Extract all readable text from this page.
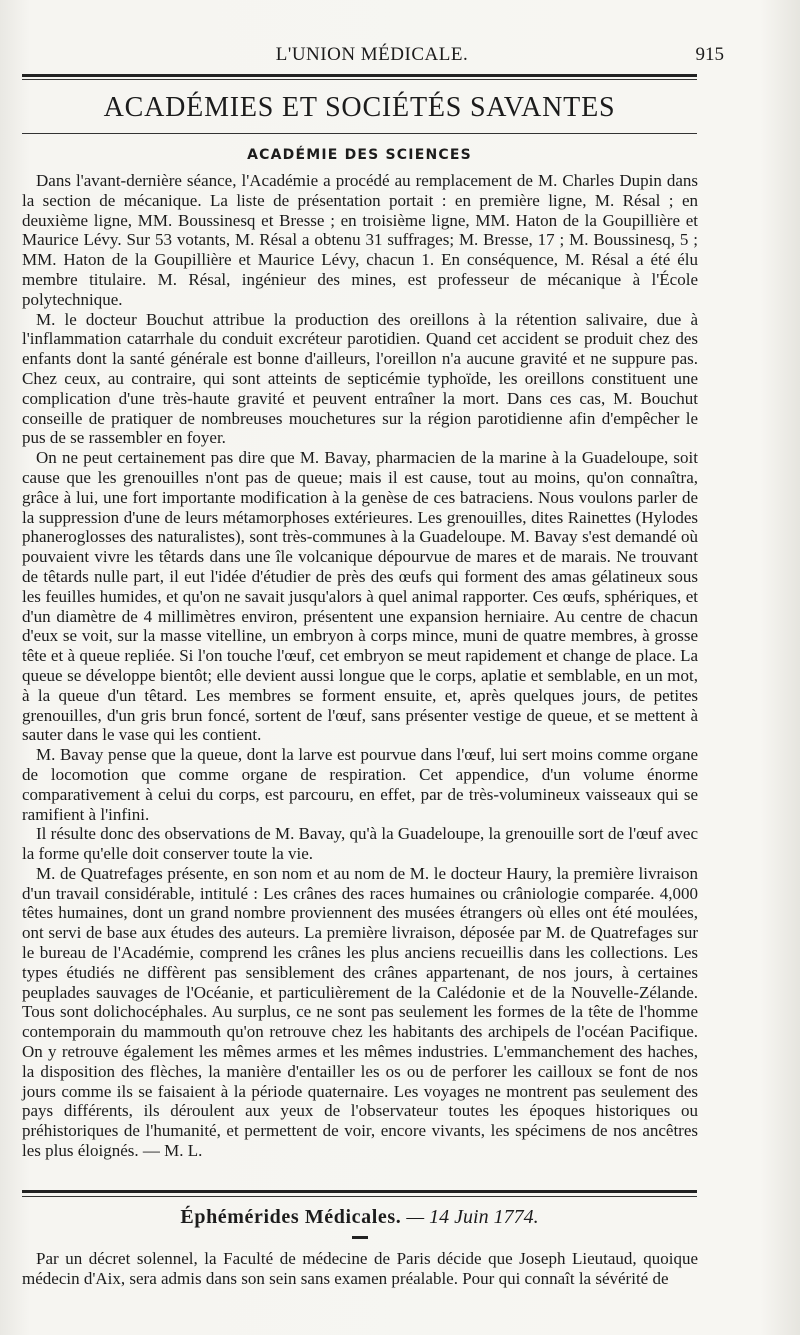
L'UNION MÉDICALE.	915
ACADÉMIES ET SOCIÉTÉS SAVANTES
ACADÉMIE DES SCIENCES

Dans l'avant-dernière séance, l'Académie a procédé au remplacement de M. Charles Dupin dans la section de mécanique. La liste de présentation portait : en première ligne, M. Résal ; en deuxième ligne, MM. Boussinesq et Bresse ; en troisième ligne, MM. Haton de la Goupillière et Maurice Lévy. Sur 53 votants, M. Résal a obtenu 31 suffrages; M. Bresse, 17 ; M. Boussinesq, 5 ; MM. Haton de la Goupillière et Maurice Lévy, chacun 1. En conséquence, M. Résal a été élu membre titulaire. M. Résal, ingénieur des mines, est professeur de mécanique à l'École polytechnique.

M. le docteur Bouchut attribue la production des oreillons à la rétention salivaire, due à l'inflammation catarrhale du conduit excréteur parotidien. Quand cet accident se produit chez des enfants dont la santé générale est bonne d'ailleurs, l'oreillon n'a aucune gravité et ne suppure pas. Chez ceux, au contraire, qui sont atteints de septicémie typhoïde, les oreillons constituent une complication d'une très-haute gravité et peuvent entraîner la mort. Dans ces cas, M. Bouchut conseille de pratiquer de nombreuses mouchetures sur la région parotidienne afin d'empêcher le pus de se rassembler en foyer.

On ne peut certainement pas dire que M. Bavay, pharmacien de la marine à la Guadeloupe, soit cause que les grenouilles n'ont pas de queue; mais il est cause, tout au moins, qu'on connaîtra, grâce à lui, une fort importante modification à la genèse de ces batraciens. Nous voulons parler de la suppression d'une de leurs métamorphoses extérieures. Les grenouilles, dites Rainettes (Hylodes phaneroglosses des naturalistes), sont très-communes à la Guadeloupe. M. Bavay s'est demandé où pouvaient vivre les têtards dans une île volcanique dépourvue de mares et de marais. Ne trouvant de têtards nulle part, il eut l'idée d'étudier de près des œufs qui forment des amas gélatineux sous les feuilles humides, et qu'on ne savait jusqu'alors à quel animal rapporter. Ces œufs, sphériques, et d'un diamètre de 4 millimètres environ, présentent une expansion herniaire. Au centre de chacun d'eux se voit, sur la masse vitelline, un embryon à corps mince, muni de quatre membres, à grosse tête et à queue repliée. Si l'on touche l'œuf, cet embryon se meut rapidement et change de place. La queue se développe bientôt; elle devient aussi longue que le corps, aplatie et semblable, en un mot, à la queue d'un têtard. Les membres se forment ensuite, et, après quelques jours, de petites grenouilles, d'un gris brun foncé, sortent de l'œuf, sans présenter vestige de queue, et se mettent à sauter dans le vase qui les contient.

M. Bavay pense que la queue, dont la larve est pourvue dans l'œuf, lui sert moins comme organe de locomotion que comme organe de respiration. Cet appendice, d'un volume énorme comparativement à celui du corps, est parcouru, en effet, par de très-volumineux vaisseaux qui se ramifient à l'infini.

Il résulte donc des observations de M. Bavay, qu'à la Guadeloupe, la grenouille sort de l'œuf avec la forme qu'elle doit conserver toute la vie.

M. de Quatrefages présente, en son nom et au nom de M. le docteur Haury, la première livraison d'un travail considérable, intitulé : Les crânes des races humaines ou crâniologie comparée. 4,000 têtes humaines, dont un grand nombre proviennent des musées étrangers où elles ont été moulées, ont servi de base aux études des auteurs. La première livraison, déposée par M. de Quatrefages sur le bureau de l'Académie, comprend les crânes les plus anciens recueillis dans les collections. Les types étudiés ne diffèrent pas sensiblement des crânes appartenant, de nos jours, à certaines peuplades sauvages de l'Océanie, et particulièrement de la Calédonie et de la Nouvelle-Zélande. Tous sont dolichocéphales. Au surplus, ce ne sont pas seulement les formes de la tête de l'homme contemporain du mammouth qu'on retrouve chez les habitants des archipels de l'océan Pacifique. On y retrouve également les mêmes armes et les mêmes industries. L'emmanchement des haches, la disposition des flèches, la manière d'entailler les os ou de perforer les cailloux se font de nos jours comme ils se faisaient à la période quaternaire. Les voyages ne montrent pas seulement des pays différents, ils déroulent aux yeux de l'observateur toutes les époques historiques ou préhistoriques de l'humanité, et permettent de voir, encore vivants, les spécimens de nos ancêtres les plus éloignés. — M. L.

Éphémérides Médicales. — 14 Juin 1774.

Par un décret solennel, la Faculté de médecine de Paris décide que Joseph Lieutaud, quoique médecin d'Aix, sera admis dans son sein sans examen préalable. Pour qui connaît la sévérité de
